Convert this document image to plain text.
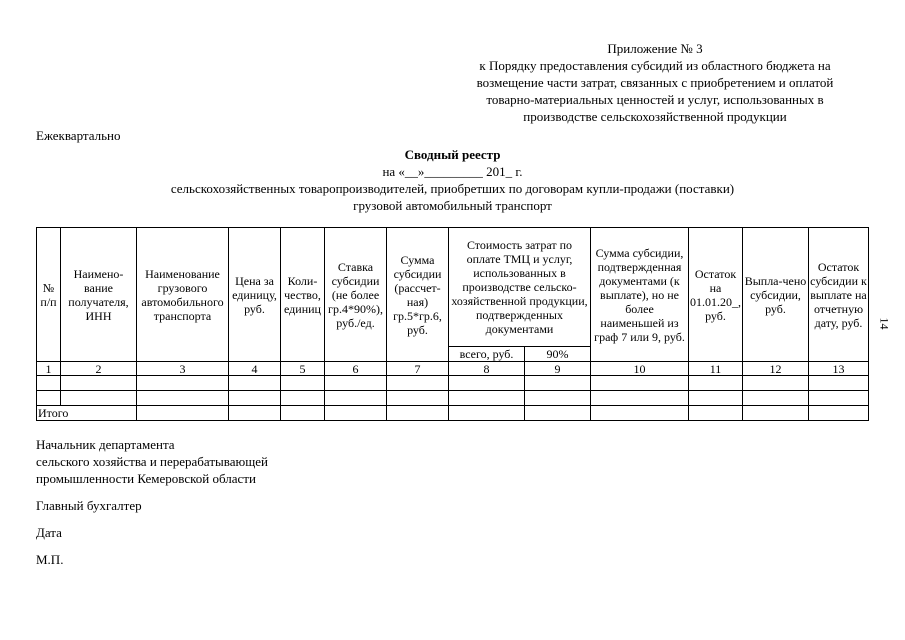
Приложение № 3
к Порядку предоставления субсидий из областного бюджета на
возмещение части затрат, связанных с приобретением и оплатой
товарно-материальных ценностей и услуг, использованных в
производстве сельскохозяйственной продукции
Ежеквартально
Сводный реестр
на «__»_________ 201_ г.
сельскохозяйственных товаропроизводителей, приобретших по договорам купли-продажи (поставки)
грузовой автомобильный транспорт
14
№ п/п	Наимено-вание получателя, ИНН	Наименование грузового автомобильного транспорта	Цена за единицу, руб.	Коли-чество, единиц	Ставка субсидии (не более гр.4*90%), руб./ед.	Сумма субсидии (рассчет-ная) гр.5*гр.6, руб.	Стоимость затрат по оплате ТМЦ и услуг, использованных в производстве сельско-хозяйственной продукции, подтвержденных документами		Сумма субсидии, подтвержденная документами (к выплате), но не более наименьшей из граф 7 или 9, руб.	Остаток на 01.01.20_, руб.	Выпла-чено субсидии, руб.	Остаток субсидии к выплате на отчетную дату, руб.
							всего, руб.	90%				
1	2	3	4	5	6	7	8	9	10	11	12	13

Итого												
Начальник департамента
сельского хозяйства и перерабатывающей
промышленности Кемеровской области
Главный бухгалтер
Дата
М.П.
